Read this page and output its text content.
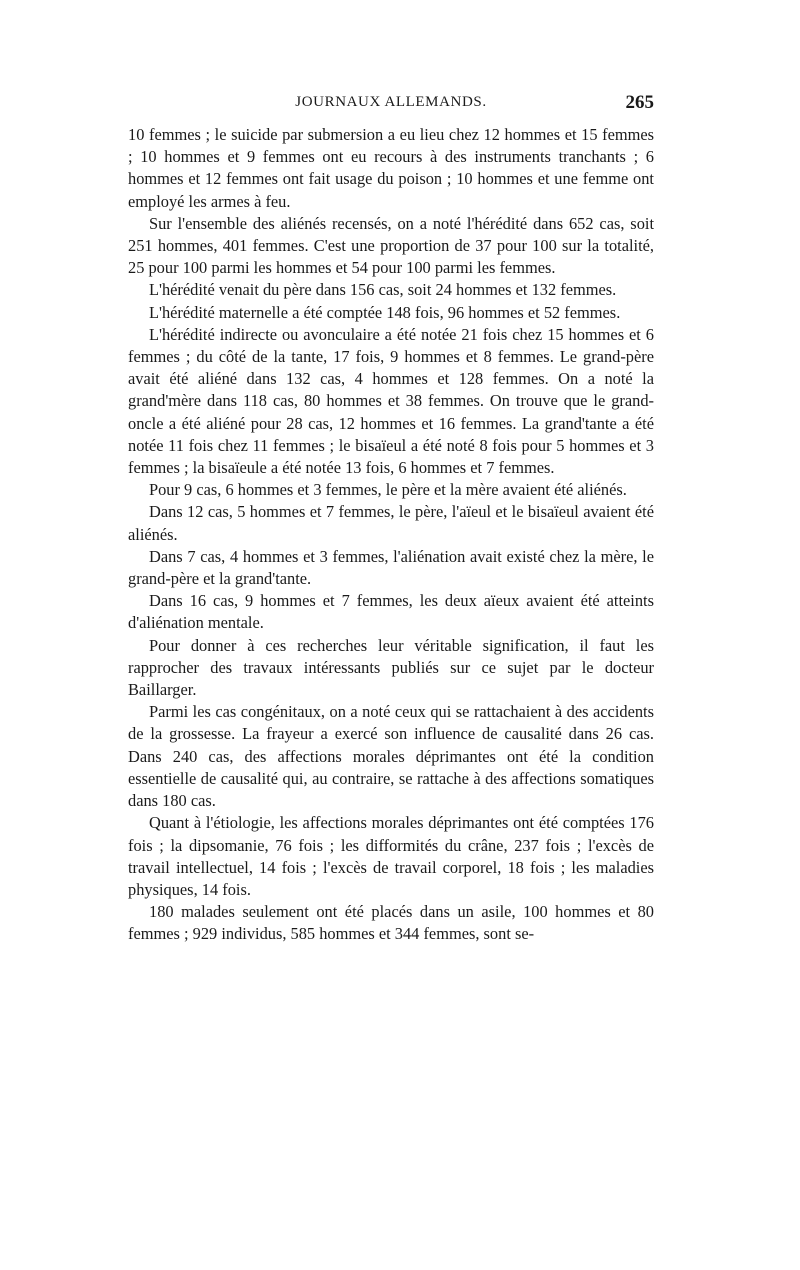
JOURNAUX ALLEMANDS.	265

10 femmes ; le suicide par submersion a eu lieu chez 12 hommes et 15 femmes ; 10 hommes et 9 femmes ont eu recours à des instruments tranchants ; 6 hommes et 12 femmes ont fait usage du poison ; 10 hommes et une femme ont employé les armes à feu.

Sur l'ensemble des aliénés recensés, on a noté l'hérédité dans 652 cas, soit 251 hommes, 401 femmes. C'est une proportion de 37 pour 100 sur la totalité, 25 pour 100 parmi les hommes et 54 pour 100 parmi les femmes.

L'hérédité venait du père dans 156 cas, soit 24 hommes et 132 femmes.

L'hérédité maternelle a été comptée 148 fois, 96 hommes et 52 femmes.

L'hérédité indirecte ou avonculaire a été notée 21 fois chez 15 hommes et 6 femmes ; du côté de la tante, 17 fois, 9 hommes et 8 femmes. Le grand-père avait été aliéné dans 132 cas, 4 hommes et 128 femmes. On a noté la grand'mère dans 118 cas, 80 hommes et 38 femmes. On trouve que le grand-oncle a été aliéné pour 28 cas, 12 hommes et 16 femmes. La grand'tante a été notée 11 fois chez 11 femmes ; le bisaïeul a été noté 8 fois pour 5 hommes et 3 femmes ; la bisaïeule a été notée 13 fois, 6 hommes et 7 femmes.

Pour 9 cas, 6 hommes et 3 femmes, le père et la mère avaient été aliénés.

Dans 12 cas, 5 hommes et 7 femmes, le père, l'aïeul et le bisaïeul avaient été aliénés.

Dans 7 cas, 4 hommes et 3 femmes, l'aliénation avait existé chez la mère, le grand-père et la grand'tante.

Dans 16 cas, 9 hommes et 7 femmes, les deux aïeux avaient été atteints d'aliénation mentale.

Pour donner à ces recherches leur véritable signification, il faut les rapprocher des travaux intéressants publiés sur ce sujet par le docteur Baillarger.

Parmi les cas congénitaux, on a noté ceux qui se rattachaient à des accidents de la grossesse. La frayeur a exercé son influence de causalité dans 26 cas. Dans 240 cas, des affections morales déprimantes ont été la condition essentielle de causalité qui, au contraire, se rattache à des affections somatiques dans 180 cas.

Quant à l'étiologie, les affections morales déprimantes ont été comptées 176 fois ; la dipsomanie, 76 fois ; les difformités du crâne, 237 fois ; l'excès de travail intellectuel, 14 fois ; l'excès de travail corporel, 18 fois ; les maladies physiques, 14 fois.

180 malades seulement ont été placés dans un asile, 100 hommes et 80 femmes ; 929 individus, 585 hommes et 344 femmes, sont se-
